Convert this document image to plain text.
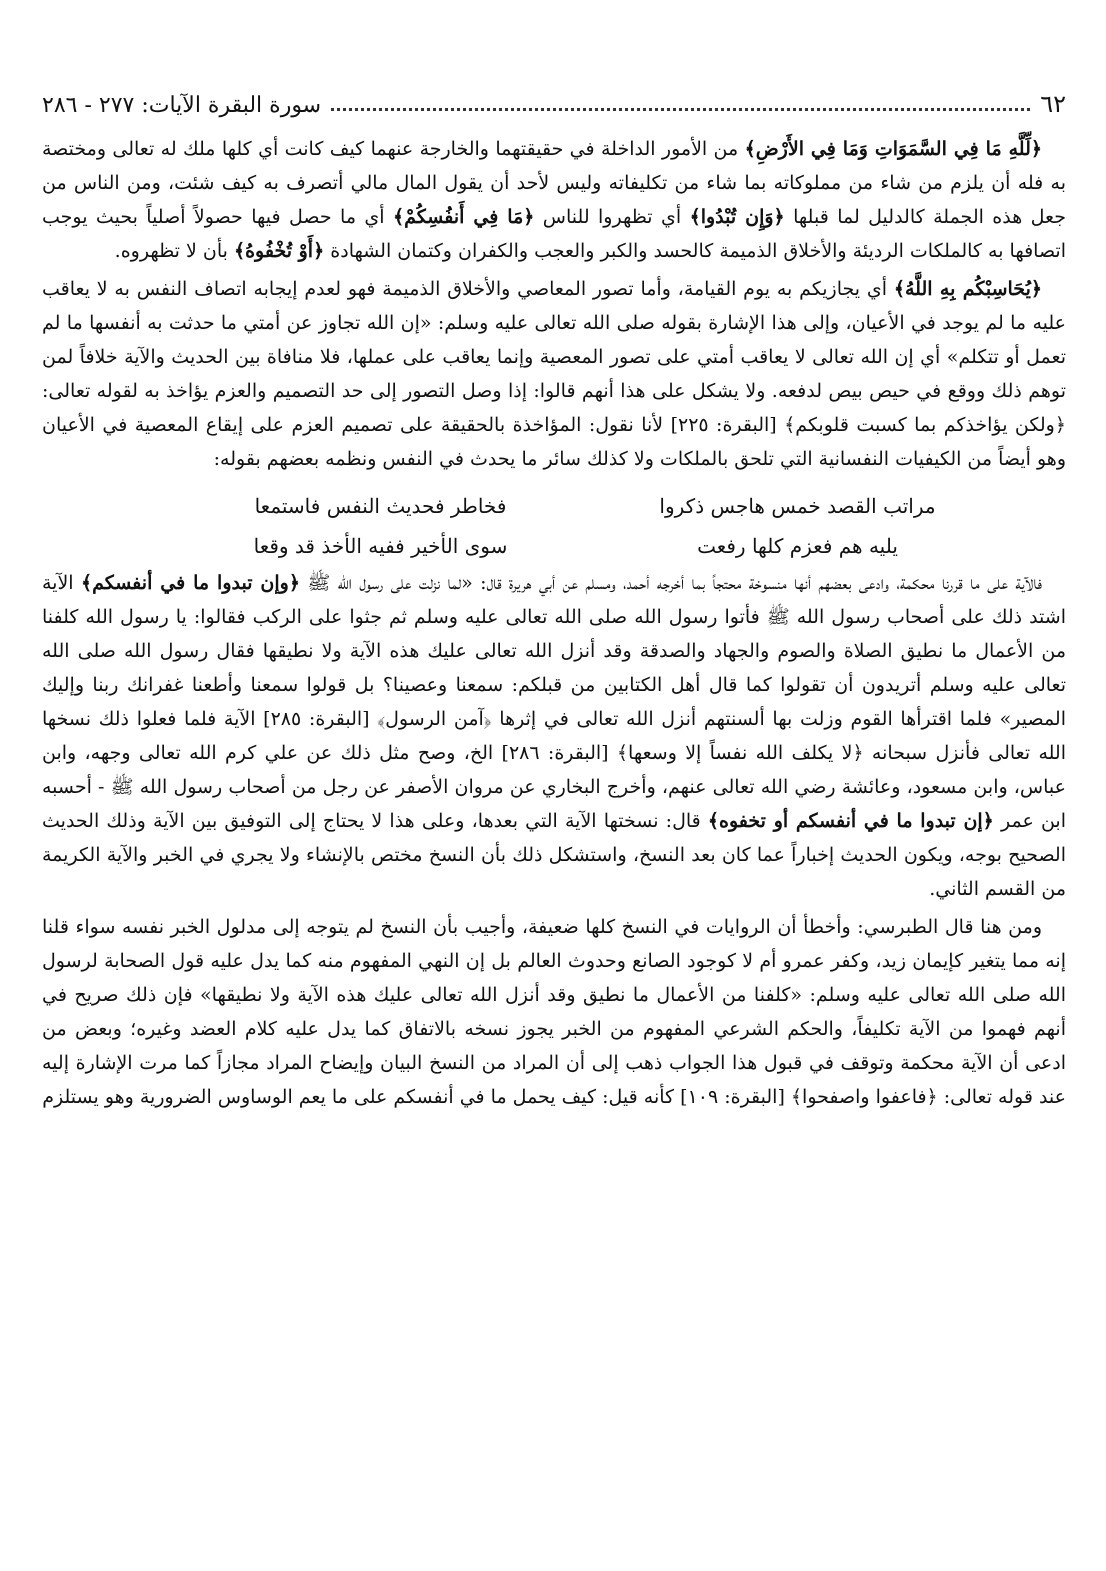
٦٢
سورة البقرة الآيات: ٢٧٧ - ٢٨٦

﴿لِّلَّهِ مَا فِي السَّمَوَاتِ وَمَا فِي الأَرْضِ﴾ من الأمور الداخلة في حقيقتهما والخارجة عنهما كيف كانت أي كلها ملك له تعالى ومختصة به فله أن يلزم من شاء من مملوكاته بما شاء من تكليفاته وليس لأحد أن يقول المال مالي أتصرف به كيف شئت، ومن الناس من جعل هذه الجملة كالدليل لما قبلها ﴿وَإِن تُبْدُوا﴾ أي تظهروا للناس ﴿مَا فِي أَنفُسِكُمْ﴾ أي ما حصل فيها حصولاً أصلياً بحيث يوجب اتصافها به كالملكات الرديئة والأخلاق الذميمة كالحسد والكبر والعجب والكفران وكتمان الشهادة ﴿أَوْ تُخْفُوهُ﴾ بأن لا تظهروه.

﴿يُحَاسِبْكُم بِهِ اللَّهُ﴾ أي يجازيكم به يوم القيامة، وأما تصور المعاصي والأخلاق الذميمة فهو لعدم إيجابه اتصاف النفس به لا يعاقب عليه ما لم يوجد في الأعيان، وإلى هذا الإشارة بقوله صلى الله تعالى عليه وسلم: «إن الله تجاوز عن أمتي ما حدثت به أنفسها ما لم تعمل أو تتكلم» أي إن الله تعالى لا يعاقب أمتي على تصور المعصية وإنما يعاقب على عملها، فلا منافاة بين الحديث والآية خلافاً لمن توهم ذلك ووقع في حيص بيص لدفعه. ولا يشكل على هذا أنهم قالوا: إذا وصل التصور إلى حد التصميم والعزم يؤاخذ به لقوله تعالى: ﴿ولكن يؤاخذكم بما كسبت قلوبكم﴾ [البقرة: ٢٢٥] لأنا نقول: المؤاخذة بالحقيقة على تصميم العزم على إيقاع المعصية في الأعيان وهو أيضاً من الكيفيات النفسانية التي تلحق بالملكات ولا كذلك سائر ما يحدث في النفس ونظمه بعضهم بقوله:

مراتب القصد خمس هاجس ذكروا
فخاطر فحديث النفس فاستمعا
يليه هم فعزم كلها رفعت
سوى الأخير ففيه الأخذ قد وقعا

فالآية على ما قررنا محكمة، وادعى بعضهم أنها منسوخة محتجاً بما أخرجه أحمد، ومسلم عن أبي هريرة قال: «لما نزلت على رسول الله ﷺ ﴿وإن تبدوا ما في أنفسكم﴾ الآية اشتد ذلك على أصحاب رسول الله ﷺ فأتوا رسول الله صلى الله تعالى عليه وسلم ثم جثوا على الركب فقالوا: يا رسول الله كلفنا من الأعمال ما نطيق الصلاة والصوم والجهاد والصدقة وقد أنزل الله تعالى عليك هذه الآية ولا نطيقها فقال رسول الله صلى الله تعالى عليه وسلم أتريدون أن تقولوا كما قال أهل الكتابين من قبلكم: سمعنا وعصينا؟ بل قولوا سمعنا وأطعنا غفرانك ربنا وإليك المصير» فلما اقترأها القوم وزلت بها ألسنتهم أنزل الله تعالى في إثرها ﴿آمن الرسول﴾ [البقرة: ٢٨٥] الآية فلما فعلوا ذلك نسخها الله تعالى فأنزل سبحانه ﴿لا يكلف الله نفساً إلا وسعها﴾ [البقرة: ٢٨٦] الخ، وصح مثل ذلك عن علي كرم الله تعالى وجهه، وابن عباس، وابن مسعود، وعائشة رضي الله تعالى عنهم، وأخرج البخاري عن مروان الأصفر عن رجل من أصحاب رسول الله ﷺ - أحسبه ابن عمر ﴿إن تبدوا ما في أنفسكم أو تخفوه﴾ قال: نسختها الآية التي بعدها، وعلى هذا لا يحتاج إلى التوفيق بين الآية وذلك الحديث الصحيح بوجه، ويكون الحديث إخباراً عما كان بعد النسخ، واستشكل ذلك بأن النسخ مختص بالإنشاء ولا يجري في الخبر والآية الكريمة من القسم الثاني.

ومن هنا قال الطبرسي: وأخطأ أن الروايات في النسخ كلها ضعيفة، وأجيب بأن النسخ لم يتوجه إلى مدلول الخبر نفسه سواء قلنا إنه مما يتغير كإيمان زيد، وكفر عمرو أم لا كوجود الصانع وحدوث العالم بل إن النهي المفهوم منه كما يدل عليه قول الصحابة لرسول الله صلى الله تعالى عليه وسلم: «كلفنا من الأعمال ما نطيق وقد أنزل الله تعالى عليك هذه الآية ولا نطيقها» فإن ذلك صريح في أنهم فهموا من الآية تكليفاً، والحكم الشرعي المفهوم من الخبر يجوز نسخه بالاتفاق كما يدل عليه كلام العضد وغيره؛ وبعض من ادعى أن الآية محكمة وتوقف في قبول هذا الجواب ذهب إلى أن المراد من النسخ البيان وإيضاح المراد مجازاً كما مرت الإشارة إليه عند قوله تعالى: ﴿فاعفوا واصفحوا﴾ [البقرة: ١٠٩] كأنه قيل: كيف يحمل ما في أنفسكم على ما يعم الوساوس الضرورية وهو يستلزم
